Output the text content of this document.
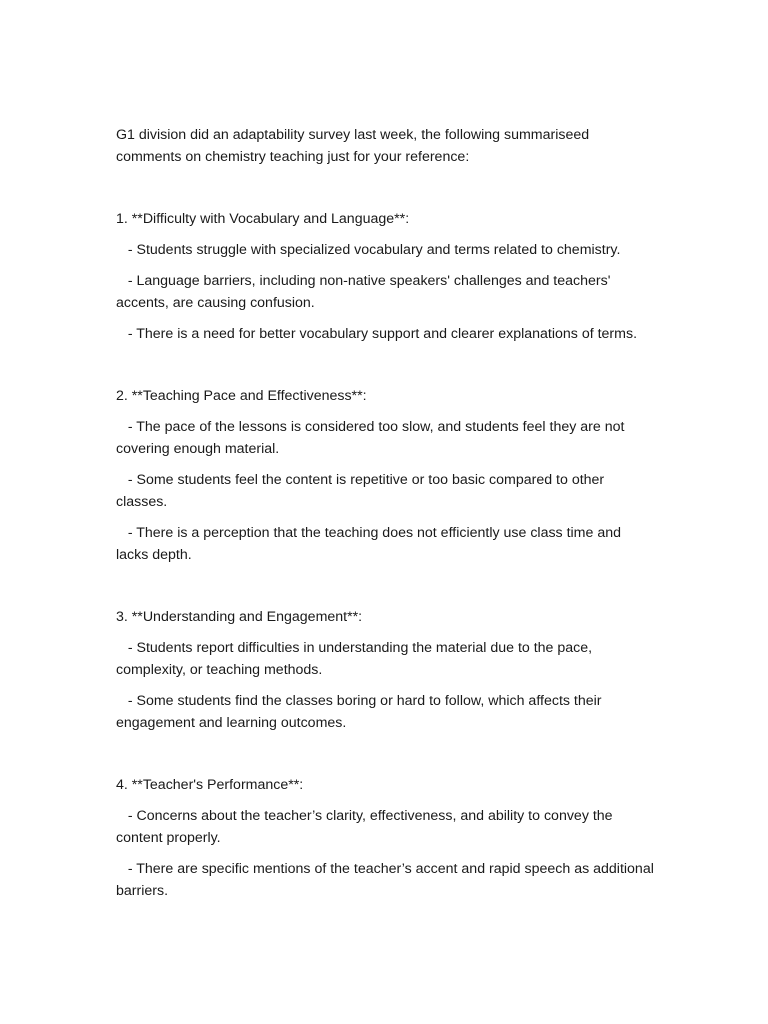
G1 division did an adaptability survey last week, the following summariseed comments on chemistry teaching just for your reference:

1. **Difficulty with Vocabulary and Language**:

- Students struggle with specialized vocabulary and terms related to chemistry.

- Language barriers, including non-native speakers' challenges and teachers' accents, are causing confusion.

- There is a need for better vocabulary support and clearer explanations of terms.

2. **Teaching Pace and Effectiveness**:

- The pace of the lessons is considered too slow, and students feel they are not covering enough material.

- Some students feel the content is repetitive or too basic compared to other classes.

- There is a perception that the teaching does not efficiently use class time and lacks depth.

3. **Understanding and Engagement**:

- Students report difficulties in understanding the material due to the pace, complexity, or teaching methods.

- Some students find the classes boring or hard to follow, which affects their engagement and learning outcomes.

4. **Teacher's Performance**:

- Concerns about the teacher’s clarity, effectiveness, and ability to convey the content properly.

- There are specific mentions of the teacher’s accent and rapid speech as additional barriers.
